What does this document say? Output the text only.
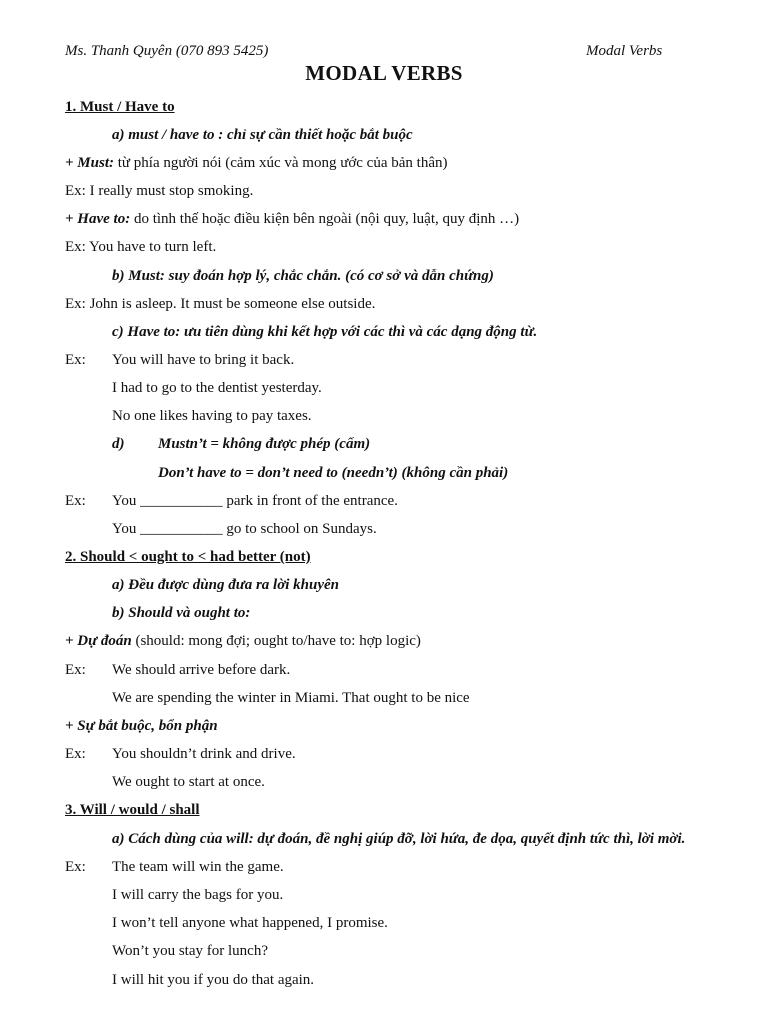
Ms. Thanh Quyên (070 893 5425)	Modal Verbs
MODAL VERBS
1. Must / Have to
a) must / have to : chỉ sự cần thiết hoặc bắt buộc
+ Must: từ phía người nói (cảm xúc và mong ước của bản thân)
Ex: I really must stop smoking.
+ Have to: do tình thế hoặc điều kiện bên ngoài (nội quy, luật, quy định …)
Ex: You have to turn left.
b) Must: suy đoán hợp lý, chắc chắn. (có cơ sở và dẫn chứng)
Ex: John is asleep. It must be someone else outside.
c) Have to: ưu tiên dùng khi kết hợp với các thì và các dạng động từ.
Ex: You will have to bring it back.
I had to go to the dentist yesterday.
No one likes having to pay taxes.
d) Mustn’t = không được phép (cấm)
Don’t have to = don’t need to (needn’t) (không cần phải)
Ex: You ___________ park in front of the entrance.
You ___________ go to school on Sundays.
2. Should < ought to < had better (not)
a) Đều được dùng đưa ra lời khuyên
b) Should và ought to:
+ Dự đoán (should: mong đợi; ought to/have to: hợp logic)
Ex: We should arrive before dark.
We are spending the winter in Miami. That ought to be nice
+ Sự bắt buộc, bổn phận
Ex: You shouldn’t drink and drive.
We ought to start at once.
3. Will / would / shall
a) Cách dùng của will: dự đoán, đề nghị giúp đỡ, lời hứa, đe dọa, quyết định tức thì, lời mời.
Ex: The team will win the game.
I will carry the bags for you.
I won’t tell anyone what happened, I promise.
Won’t you stay for lunch?
I will hit you if you do that again.
